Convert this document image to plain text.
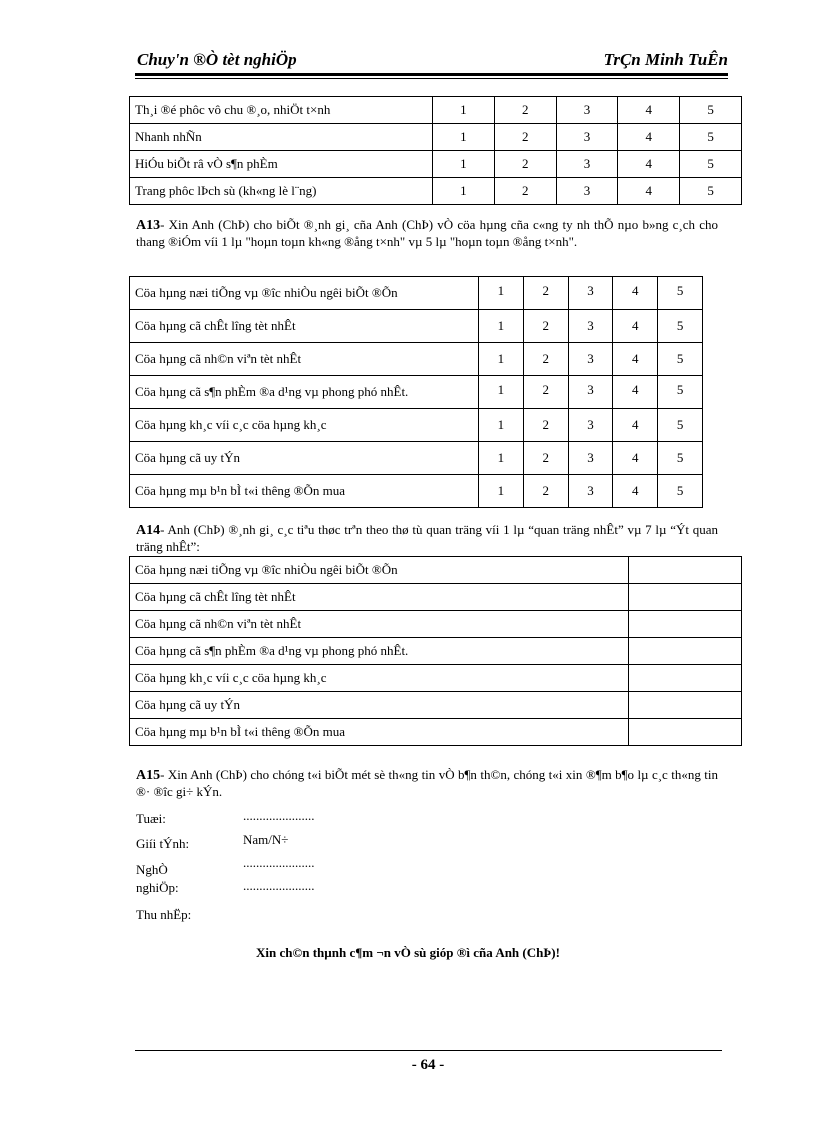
Chuy'n ®Ò tèt nghiÖp	TrÇn Minh TuÊn
Th¸i ®é phôc vô chu ®¸o, nhiÖt t×nh	1	2	3	4	5
Nhanh nhÑn	1	2	3	4	5
HiÓu biÕt râ vÒ s¶n phÈm	1	2	3	4	5
Trang phôc lÞch sù (kh«ng lè l¨ng)	1	2	3	4	5
A13- Xin Anh (ChÞ) cho biÕt ®¸nh gi¸ cña Anh (ChÞ) vÒ cöa hµng cña c«ng ty nh thÕ nµo b»ng c¸ch cho thang ®iÓm víi 1 lµ "hoµn toµn kh«ng ®ång t×nh" vµ 5 lµ "hoµn toµn ®ång t×nh".
Cöa hµng næi tiÕng vµ ®îc nhiÒu ngêi biÕt ®Õn	1	2	3	4	5
Cöa hµng cã chÊt lîng tèt nhÊt	1	2	3	4	5
Cöa hµng cã nh©n viªn tèt nhÊt	1	2	3	4	5
Cöa hµng cã s¶n phÈm ®a d¹ng vµ phong phó nhÊt.	1	2	3	4	5
Cöa hµng kh¸c víi c¸c cöa hµng kh¸c	1	2	3	4	5
Cöa hµng cã uy tÝn	1	2	3	4	5
Cöa hµng mµ b¹n bÌ t«i thêng ®Õn mua	1	2	3	4	5
A14- Anh (ChÞ) ®¸nh gi¸ c¸c tiªu thøc trªn theo thø tù quan träng víi 1 lµ “quan träng nhÊt” vµ 7 lµ “Ýt quan träng nhÊt”:
Cöa hµng næi tiÕng vµ ®îc nhiÒu ngêi biÕt ®Õn	
Cöa hµng cã chÊt lîng tèt nhÊt	
Cöa hµng cã nh©n viªn tèt nhÊt	
Cöa hµng cã s¶n phÈm ®a d¹ng vµ phong phó nhÊt.	
Cöa hµng kh¸c víi c¸c cöa hµng kh¸c	
Cöa hµng cã uy tÝn	
Cöa hµng mµ b¹n bÌ t«i thêng ®Õn mua	
A15- Xin Anh (ChÞ) cho chóng t«i biÕt mét sè th«ng tin vÒ b¶n th©n, chóng t«i xin ®¶m b¶o lµ c¸c th«ng tin ®· ®îc gi÷ kÝn.
Tuæi:	......................
Giíi tÝnh:	Nam/N÷
NghÒ	......................
nghiÖp:	......................
Thu nhËp:
Xin ch©n thµnh c¶m ¬n vÒ sù gióp ®ì cña Anh (ChÞ)!
- 64 -
